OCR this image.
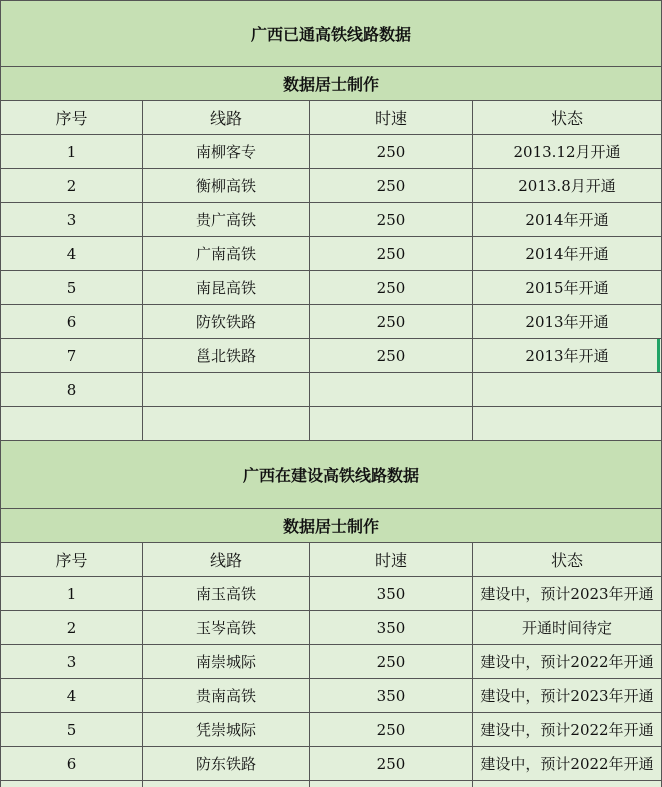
广西已通高铁线路数据			
数据居士制作			
序号	线路	时速	状态
1	南柳客专	250	2013.12月开通
2	衡柳高铁	250	2013.8月开通
3	贵广高铁	250	2014年开通
4	广南高铁	250	2014年开通
5	南昆高铁	250	2015年开通
6	防钦铁路	250	2013年开通
7	邕北铁路	250	2013年开通
8			

广西在建设高铁线路数据			
数据居士制作			
序号	线路	时速	状态
1	南玉高铁	350	建设中，预计2023年开通
2	玉岑高铁	350	开通时间待定
3	南崇城际	250	建设中，预计2022年开通
4	贵南高铁	350	建设中，预计2023年开通
5	凭崇城际	250	建设中，预计2022年开通
6	防东铁路	250	建设中，预计2022年开通
